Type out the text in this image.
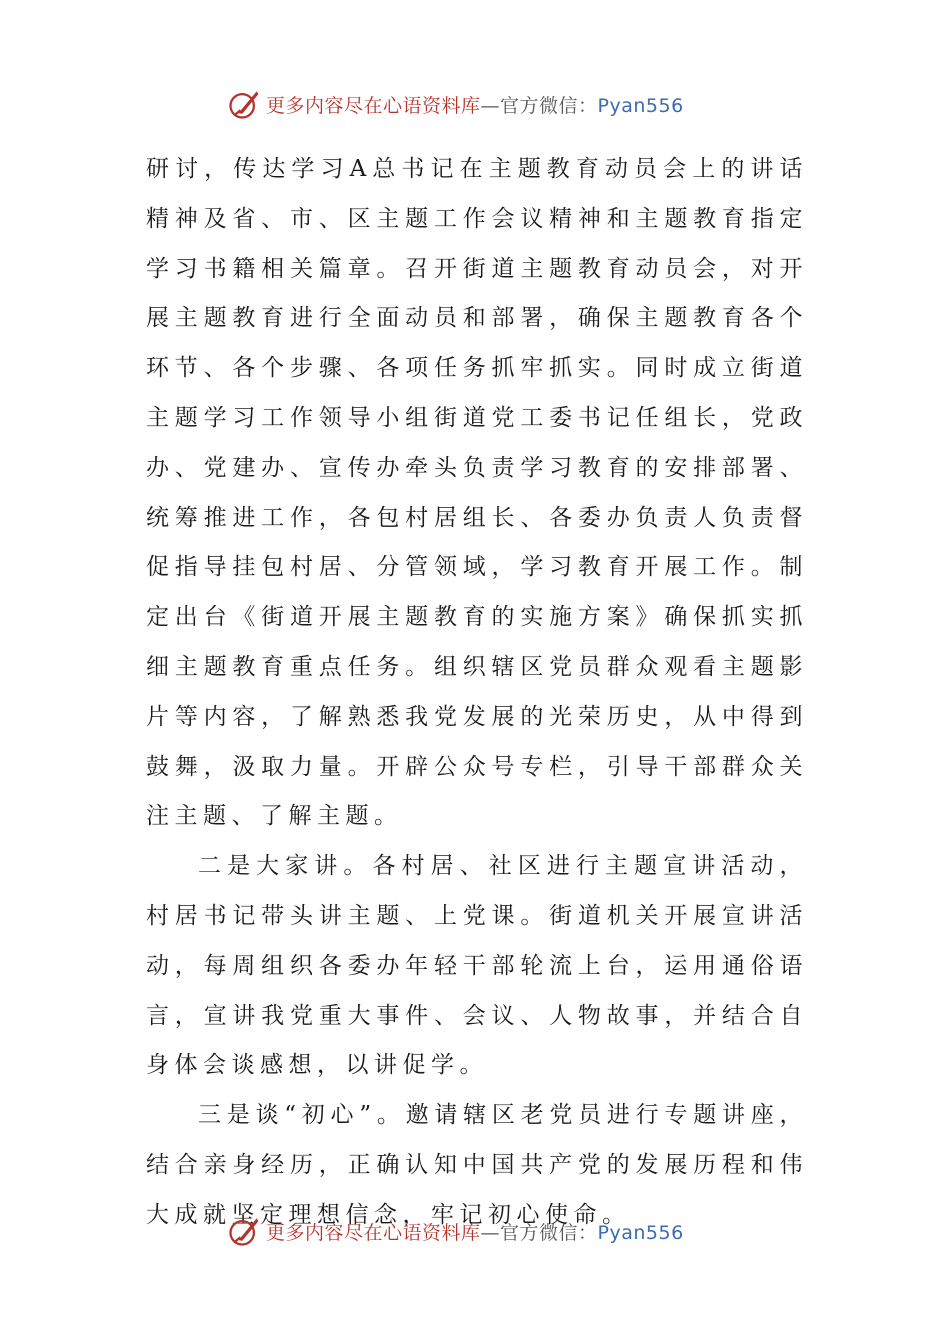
更多内容尽在心语资料库—官方微信：Pyan556

研讨，传达学习A总书记在主题教育动员会上的讲话精神及省、市、区主题工作会议精神和主题教育指定学习书籍相关篇章。召开街道主题教育动员会，对开展主题教育进行全面动员和部署，确保主题教育各个环节、各个步骤、各项任务抓牢抓实。同时成立街道主题学习工作领导小组街道党工委书记任组长，党政办、党建办、宣传办牵头负责学习教育的安排部署、统筹推进工作，各包村居组长、各委办负责人负责督促指导挂包村居、分管领域，学习教育开展工作。制定出台《街道开展主题教育的实施方案》确保抓实抓细主题教育重点任务。组织辖区党员群众观看主题影片等内容，了解熟悉我党发展的光荣历史，从中得到鼓舞，汲取力量。开辟公众号专栏，引导干部群众关注主题、了解主题。

二是大家讲。各村居、社区进行主题宣讲活动，村居书记带头讲主题、上党课。街道机关开展宣讲活动，每周组织各委办年轻干部轮流上台，运用通俗语言，宣讲我党重大事件、会议、人物故事，并结合自身体会谈感想，以讲促学。

三是谈“初心”。邀请辖区老党员进行专题讲座，结合亲身经历，正确认知中国共产党的发展历程和伟大成就坚定理想信念，牢记初心使命。

更多内容尽在心语资料库—官方微信：Pyan556
